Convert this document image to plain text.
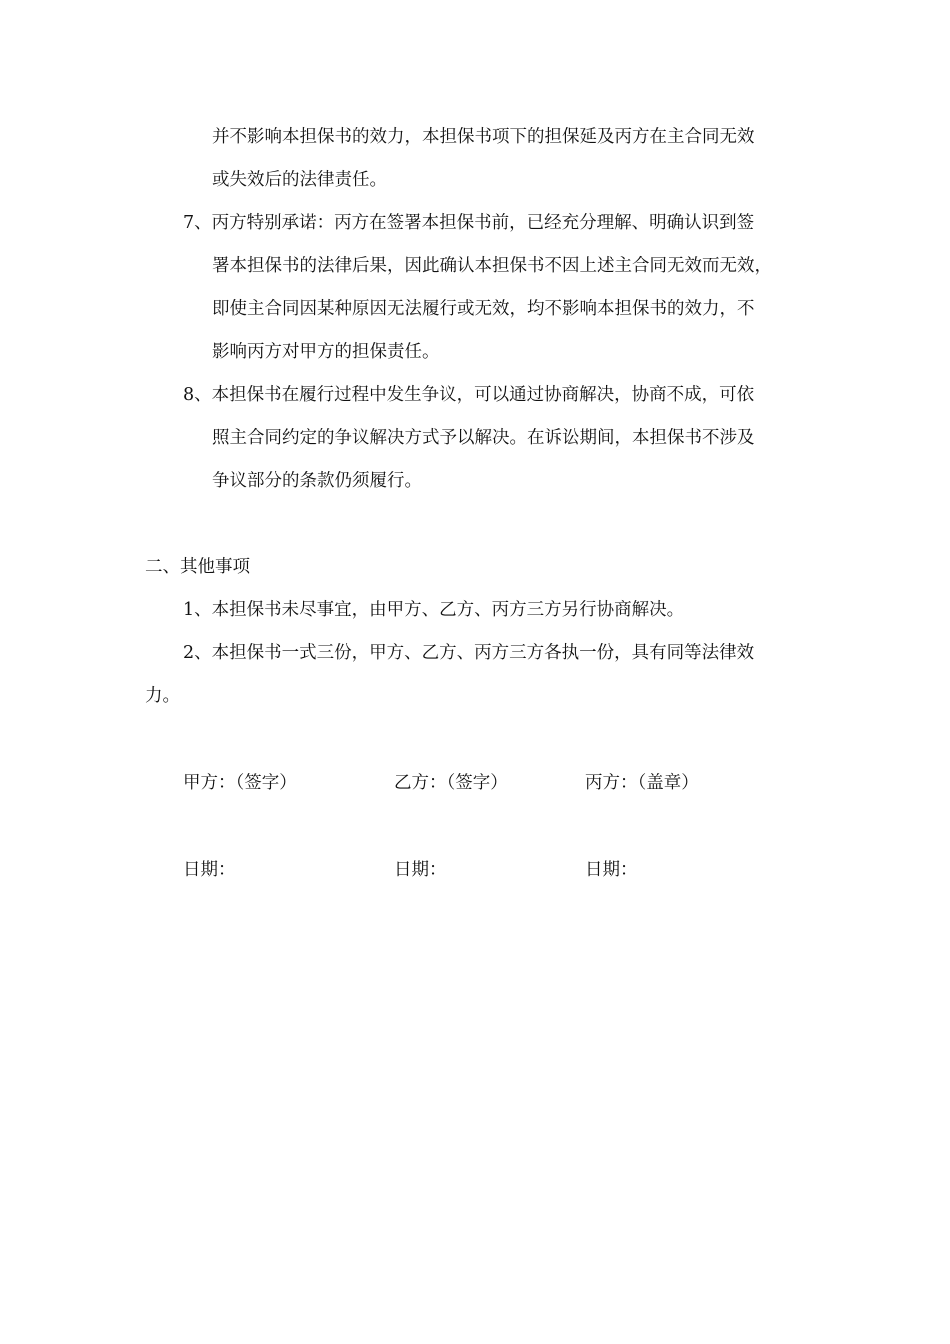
并不影响本担保书的效力，本担保书项下的担保延及丙方在主合同无效
或失效后的法律责任。
7、丙方特别承诺：丙方在签署本担保书前，已经充分理解、明确认识到签
署本担保书的法律后果，因此确认本担保书不因上述主合同无效而无效，
即使主合同因某种原因无法履行或无效，均不影响本担保书的效力，不
影响丙方对甲方的担保责任。
8、本担保书在履行过程中发生争议，可以通过协商解决，协商不成，可依
照主合同约定的争议解决方式予以解决。在诉讼期间，本担保书不涉及
争议部分的条款仍须履行。
二、其他事项
1、本担保书未尽事宜，由甲方、乙方、丙方三方另行协商解决。
2、本担保书一式三份，甲方、乙方、丙方三方各执一份，具有同等法律效
力。
甲方：（签字）	乙方：（签字）	丙方：（盖章）
日期：	日期：	日期：
